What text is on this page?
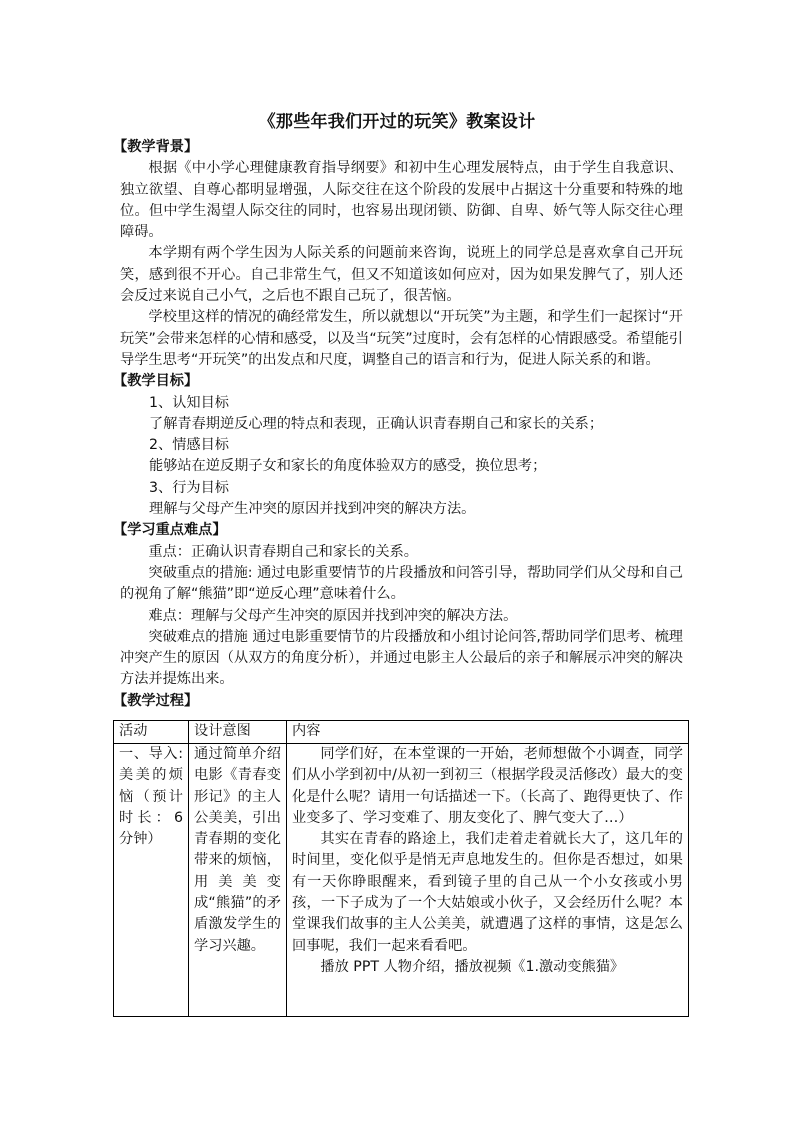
《那些年我们开过的玩笑》教案设计

【教学背景】

根据《中小学心理健康教育指导纲要》和初中生心理发展特点，由于学生自我意识、独立欲望、自尊心都明显增强，人际交往在这个阶段的发展中占据这十分重要和特殊的地位。但中学生渴望人际交往的同时，也容易出现闭锁、防御、自卑、娇气等人际交往心理障碍。

本学期有两个学生因为人际关系的问题前来咨询，说班上的同学总是喜欢拿自己开玩笑，感到很不开心。自己非常生气，但又不知道该如何应对，因为如果发脾气了，别人还会反过来说自己小气，之后也不跟自己玩了，很苦恼。

学校里这样的情况的确经常发生，所以就想以“开玩笑”为主题，和学生们一起探讨“开玩笑”会带来怎样的心情和感受，以及当“玩笑”过度时，会有怎样的心情跟感受。希望能引导学生思考“开玩笑”的出发点和尺度，调整自己的语言和行为，促进人际关系的和谐。

【教学目标】

1、认知目标

了解青春期逆反心理的特点和表现，正确认识青春期自己和家长的关系；

2、情感目标

能够站在逆反期子女和家长的角度体验双方的感受，换位思考；

3、行为目标

理解与父母产生冲突的原因并找到冲突的解决方法。

【学习重点难点】

重点：正确认识青春期自己和家长的关系。

突破重点的措施: 通过电影重要情节的片段播放和问答引导，帮助同学们从父母和自己的视角了解“熊猫”即“逆反心理”意味着什么。

难点：理解与父母产生冲突的原因并找到冲突的解决方法。

突破难点的措施 通过电影重要情节的片段播放和小组讨论问答,帮助同学们思考、梳理冲突产生的原因（从双方的角度分析），并通过电影主人公最后的亲子和解展示冲突的解决方法并提炼出来。

【教学过程】

活动	设计意图	内容

一、导入:美美的烦恼（预计时长：6分钟）	通过简单介绍电影《青春变形记》的主人公美美，引出青春期的变化带来的烦恼，用美美变成“熊猫”的矛盾激发学生的学习兴趣。	同学们好，在本堂课的一开始，老师想做个小调查，同学们从小学到初中/从初一到初三（根据学段灵活修改）最大的变化是什么呢？请用一句话描述一下。（长高了、跑得更快了、作业变多了、学习变难了、朋友变化了、脾气变大了…）

其实在青春的路途上，我们走着走着就长大了，这几年的时间里，变化似乎是悄无声息地发生的。但你是否想过，如果有一天你睁眼醒来，看到镜子里的自己从一个小女孩或小男孩，一下子成为了一个大姑娘或小伙子，又会经历什么呢？本堂课我们故事的主人公美美，就遭遇了这样的事情，这是怎么回事呢，我们一起来看看吧。

播放 PPT 人物介绍，播放视频《1.激动变熊猫》
